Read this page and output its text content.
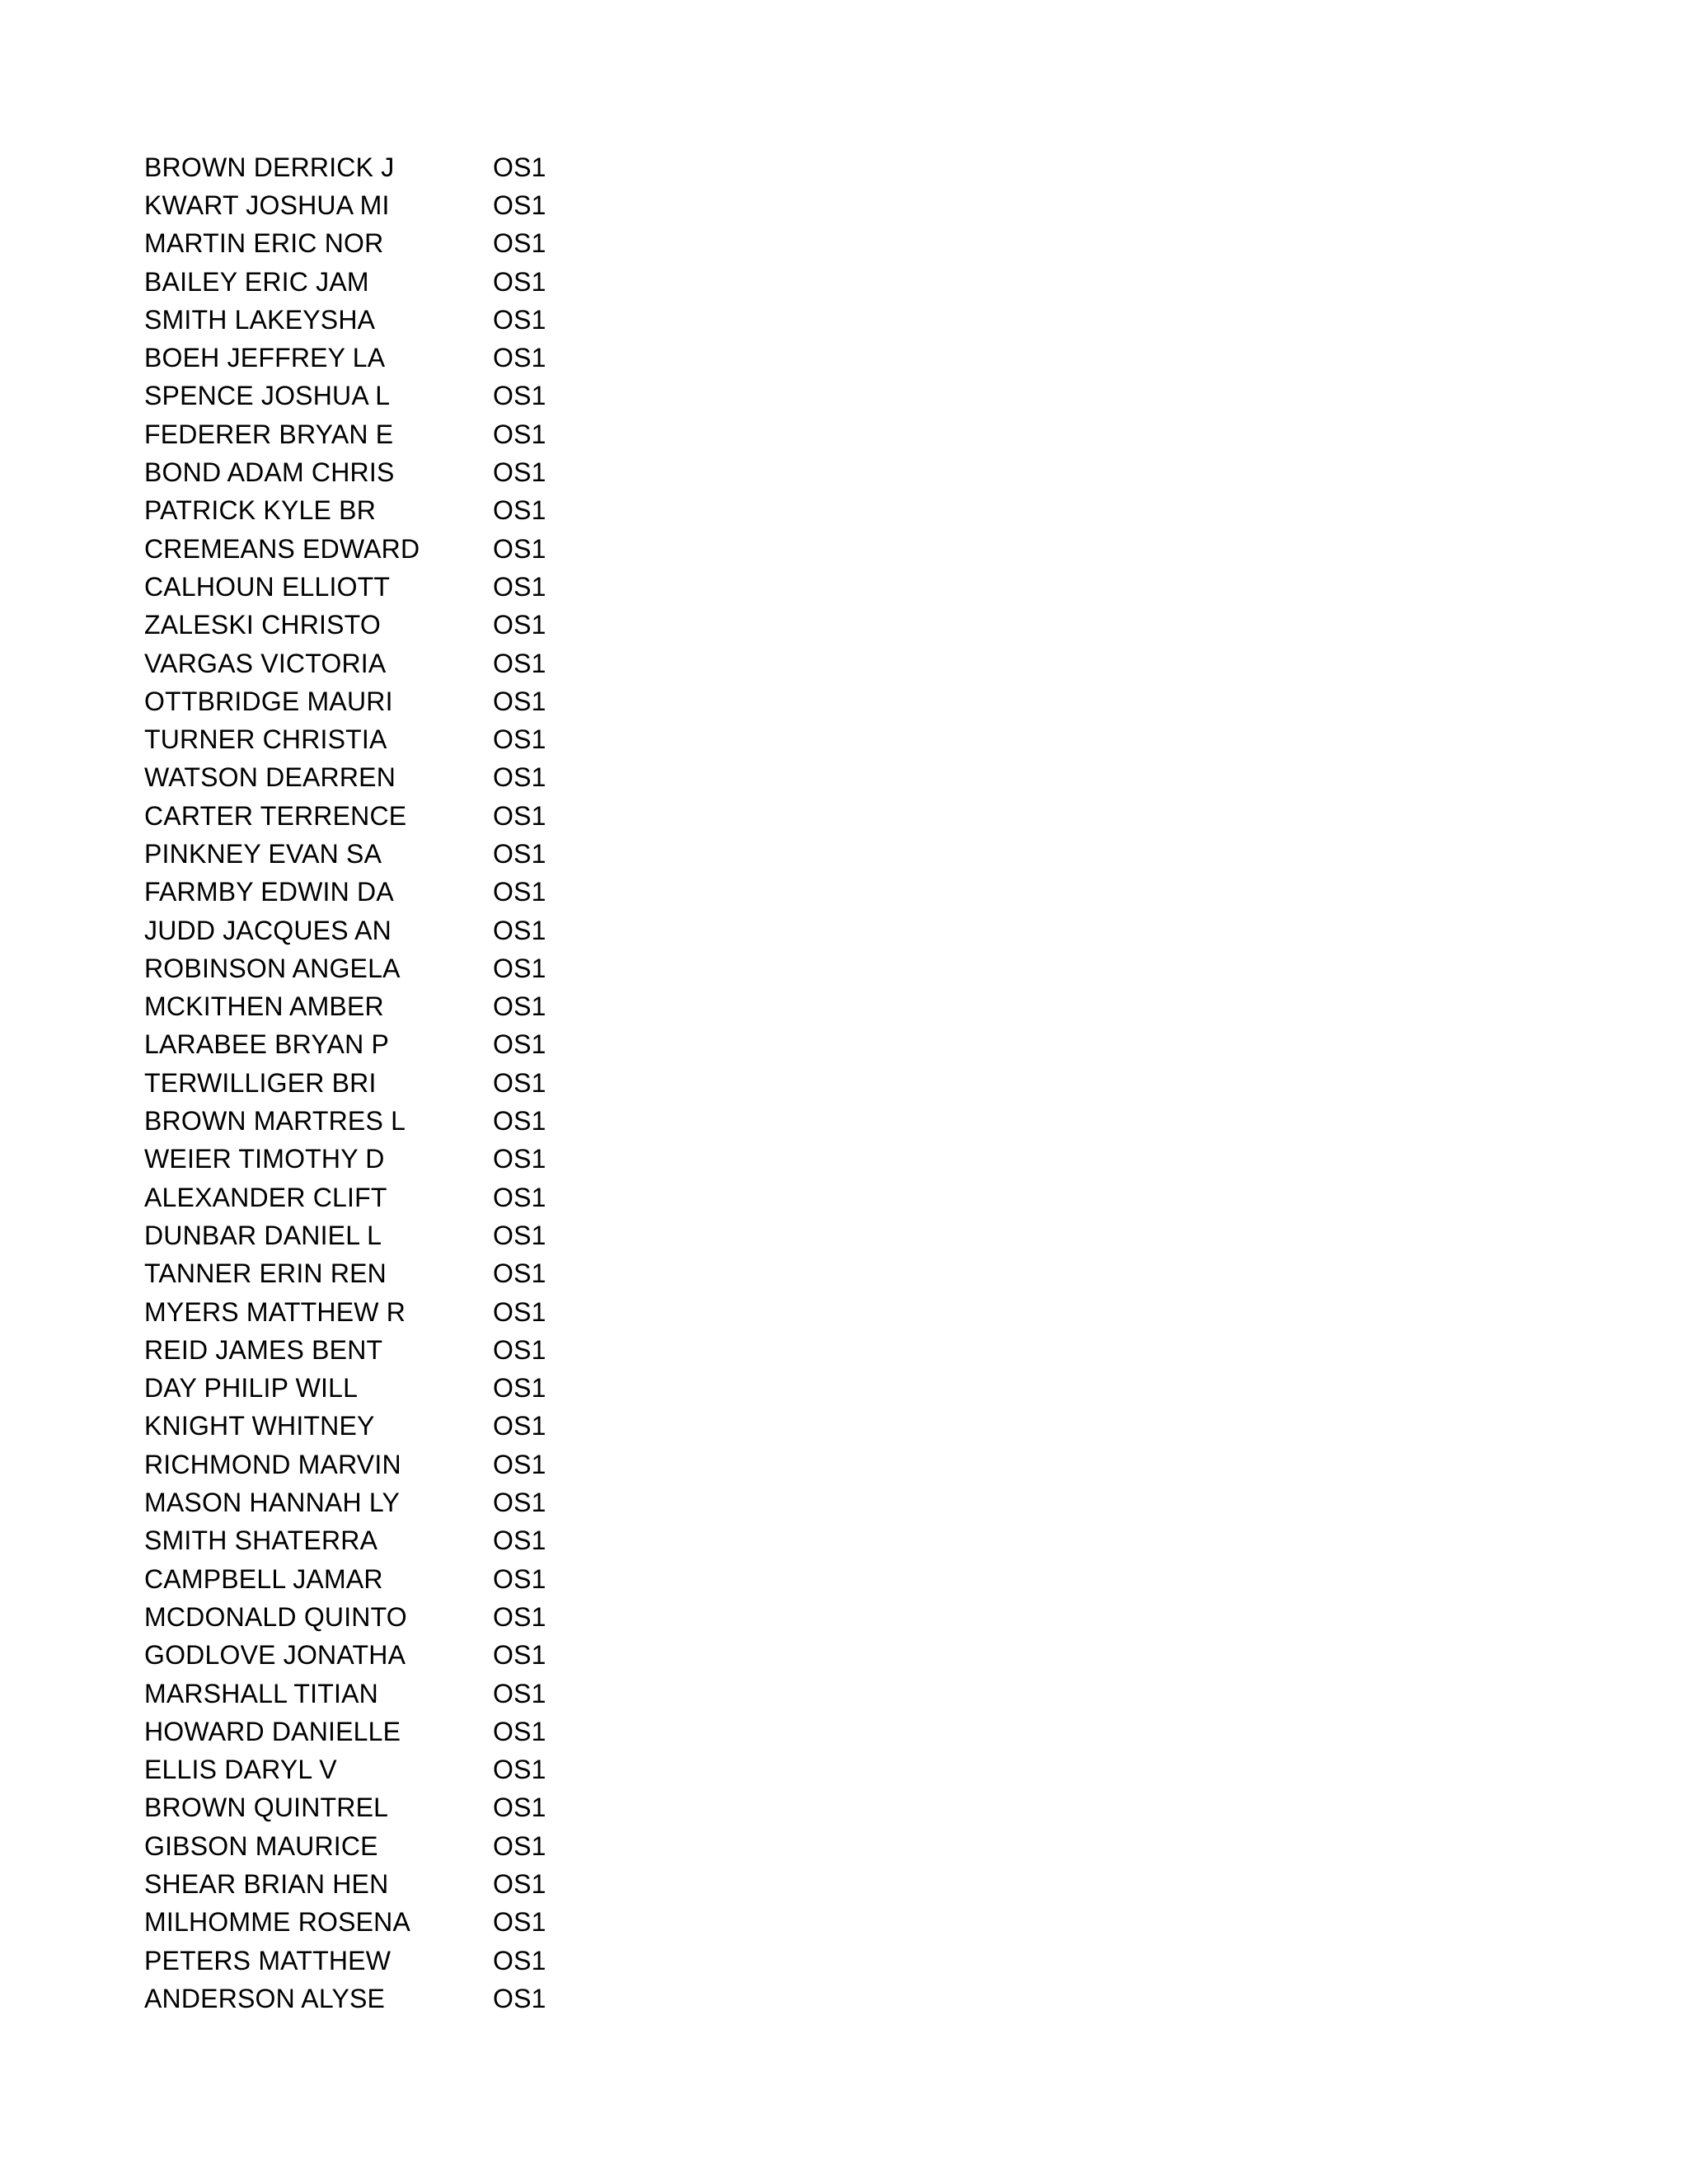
BROWN DERRICK J	OS1
KWART JOSHUA MI	OS1
MARTIN ERIC NOR	OS1
BAILEY ERIC JAM	OS1
SMITH LAKEYSHA	OS1
BOEH JEFFREY LA	OS1
SPENCE JOSHUA L	OS1
FEDERER BRYAN E	OS1
BOND ADAM CHRIS	OS1
PATRICK KYLE BR	OS1
CREMEANS EDWARD	OS1
CALHOUN ELLIOTT	OS1
ZALESKI CHRISTO	OS1
VARGAS VICTORIA	OS1
OTTBRIDGE MAURI	OS1
TURNER CHRISTIA	OS1
WATSON DEARREN	OS1
CARTER TERRENCE	OS1
PINKNEY EVAN SA	OS1
FARMBY EDWIN DA	OS1
JUDD JACQUES AN	OS1
ROBINSON ANGELA	OS1
MCKITHEN AMBER	OS1
LARABEE BRYAN P	OS1
TERWILLIGER BRI	OS1
BROWN MARTRES L	OS1
WEIER TIMOTHY D	OS1
ALEXANDER CLIFT	OS1
DUNBAR DANIEL L	OS1
TANNER ERIN REN	OS1
MYERS MATTHEW R	OS1
REID JAMES BENT	OS1
DAY PHILIP WILL	OS1
KNIGHT WHITNEY	OS1
RICHMOND MARVIN	OS1
MASON HANNAH LY	OS1
SMITH SHATERRA	OS1
CAMPBELL JAMAR	OS1
MCDONALD QUINTO	OS1
GODLOVE JONATHA	OS1
MARSHALL TITIAN	OS1
HOWARD DANIELLE	OS1
ELLIS DARYL V	OS1
BROWN QUINTREL	OS1
GIBSON MAURICE	OS1
SHEAR BRIAN HEN	OS1
MILHOMME ROSENA	OS1
PETERS MATTHEW	OS1
ANDERSON ALYSE	OS1
